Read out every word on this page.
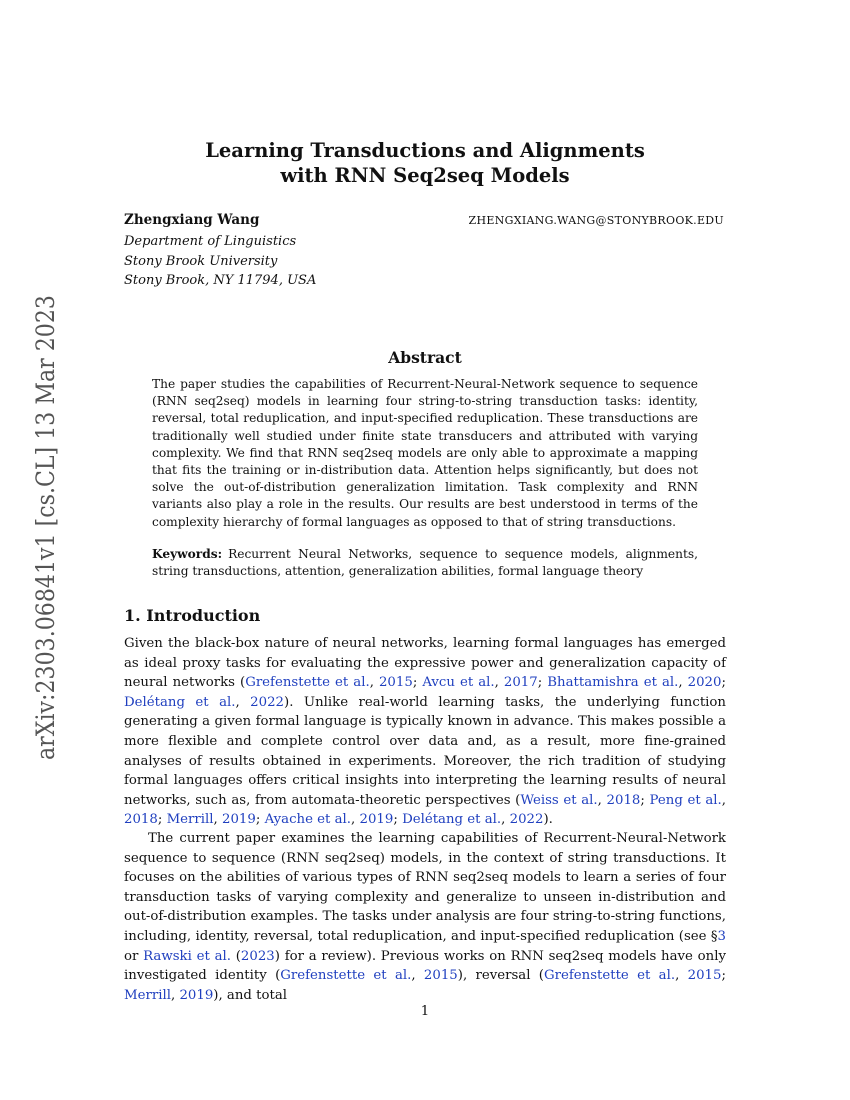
arXiv:2303.06841v1 [cs.CL] 13 Mar 2023
Learning Transductions and Alignments
with RNN Seq2seq Models
Zhengxiang Wang	ZHENGXIANG.WANG@STONYBROOK.EDU
Department of Linguistics
Stony Brook University
Stony Brook, NY 11794, USA
Abstract
The paper studies the capabilities of Recurrent-Neural-Network sequence to sequence (RNN seq2seq) models in learning four string-to-string transduction tasks: identity, reversal, total reduplication, and input-specified reduplication. These transductions are traditionally well studied under finite state transducers and attributed with varying complexity. We find that RNN seq2seq models are only able to approximate a mapping that fits the training or in-distribution data. Attention helps significantly, but does not solve the out-of-distribution generalization limitation. Task complexity and RNN variants also play a role in the results. Our results are best understood in terms of the complexity hierarchy of formal languages as opposed to that of string transductions.
Keywords: Recurrent Neural Networks, sequence to sequence models, alignments, string transductions, attention, generalization abilities, formal language theory
1. Introduction
Given the black-box nature of neural networks, learning formal languages has emerged as ideal proxy tasks for evaluating the expressive power and generalization capacity of neural networks (Grefenstette et al., 2015; Avcu et al., 2017; Bhattamishra et al., 2020; Delétang et al., 2022). Unlike real-world learning tasks, the underlying function generating a given formal language is typically known in advance. This makes possible a more flexible and complete control over data and, as a result, more fine-grained analyses of results obtained in experiments. Moreover, the rich tradition of studying formal languages offers critical insights into interpreting the learning results of neural networks, such as, from automata-theoretic perspectives (Weiss et al., 2018; Peng et al., 2018; Merrill, 2019; Ayache et al., 2019; Delétang et al., 2022).
The current paper examines the learning capabilities of Recurrent-Neural-Network sequence to sequence (RNN seq2seq) models, in the context of string transductions. It focuses on the abilities of various types of RNN seq2seq models to learn a series of four transduction tasks of varying complexity and generalize to unseen in-distribution and out-of-distribution examples. The tasks under analysis are four string-to-string functions, including, identity, reversal, total reduplication, and input-specified reduplication (see §3 or Rawski et al. (2023) for a review). Previous works on RNN seq2seq models have only investigated identity (Grefenstette et al., 2015), reversal (Grefenstette et al., 2015; Merrill, 2019), and total
1
